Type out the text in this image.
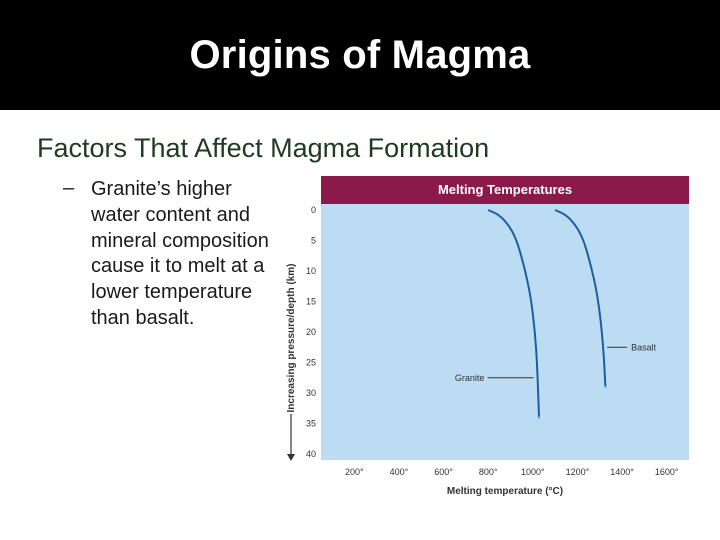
Origins of Magma
Factors That Affect Magma Formation
– Granite’s higher water content and mineral composition cause it to melt at a lower temperature than basalt.
Melting Temperatures
0
5
10
15
20
25
30
35
40
200°	400°	600°	800°	1000° 1200° 1400° 1600°
Granite
Basalt
Increasing pressure/depth (km)
Melting temperature (°C)
